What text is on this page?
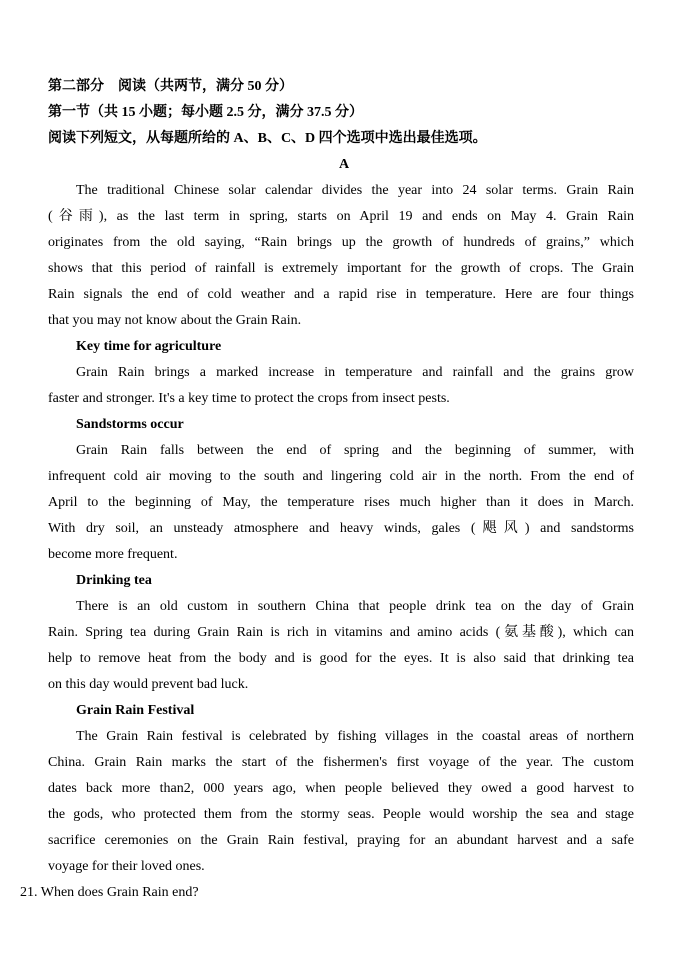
第二部分　阅读（共两节，满分 50 分）
第一节（共 15 小题；每小题 2.5 分，满分 37.5 分）
阅读下列短文，从每题所给的 A、B、C、D 四个选项中选出最佳选项。
A
The traditional Chinese solar calendar divides the year into 24 solar terms. Grain Rain
(谷雨), as the last term in spring, starts on April 19 and ends on May 4. Grain Rain
originates from the old saying, “Rain brings up the growth of hundreds of grains,” which
shows that this period of rainfall is extremely important for the growth of crops. The Grain
Rain signals the end of cold weather and a rapid rise in temperature. Here are four things
that you may not know about the Grain Rain.
Key time for agriculture
Grain Rain brings a marked increase in temperature and rainfall and the grains grow
faster and stronger. It's a key time to protect the crops from insect pests.
Sandstorms occur
Grain Rain falls between the end of spring and the beginning of summer, with
infrequent cold air moving to the south and lingering cold air in the north. From the end of
April to the beginning of May, the temperature rises much higher than it does in March.
With dry soil, an unsteady atmosphere and heavy winds, gales (飓风) and sandstorms
become more frequent.
Drinking tea
There is an old custom in southern China that people drink tea on the day of Grain
Rain. Spring tea during Grain Rain is rich in vitamins and amino acids (氨基酸), which can
help to remove heat from the body and is good for the eyes. It is also said that drinking tea
on this day would prevent bad luck.
Grain Rain Festival
The Grain Rain festival is celebrated by fishing villages in the coastal areas of northern
China. Grain Rain marks the start of the fishermen's first voyage of the year. The custom
dates back more than2, 000 years ago, when people believed they owed a good harvest to
the gods, who protected them from the stormy seas. People would worship the sea and stage
sacrifice ceremonies on the Grain Rain festival, praying for an abundant harvest and a safe
voyage for their loved ones.
21. When does Grain Rain end?
